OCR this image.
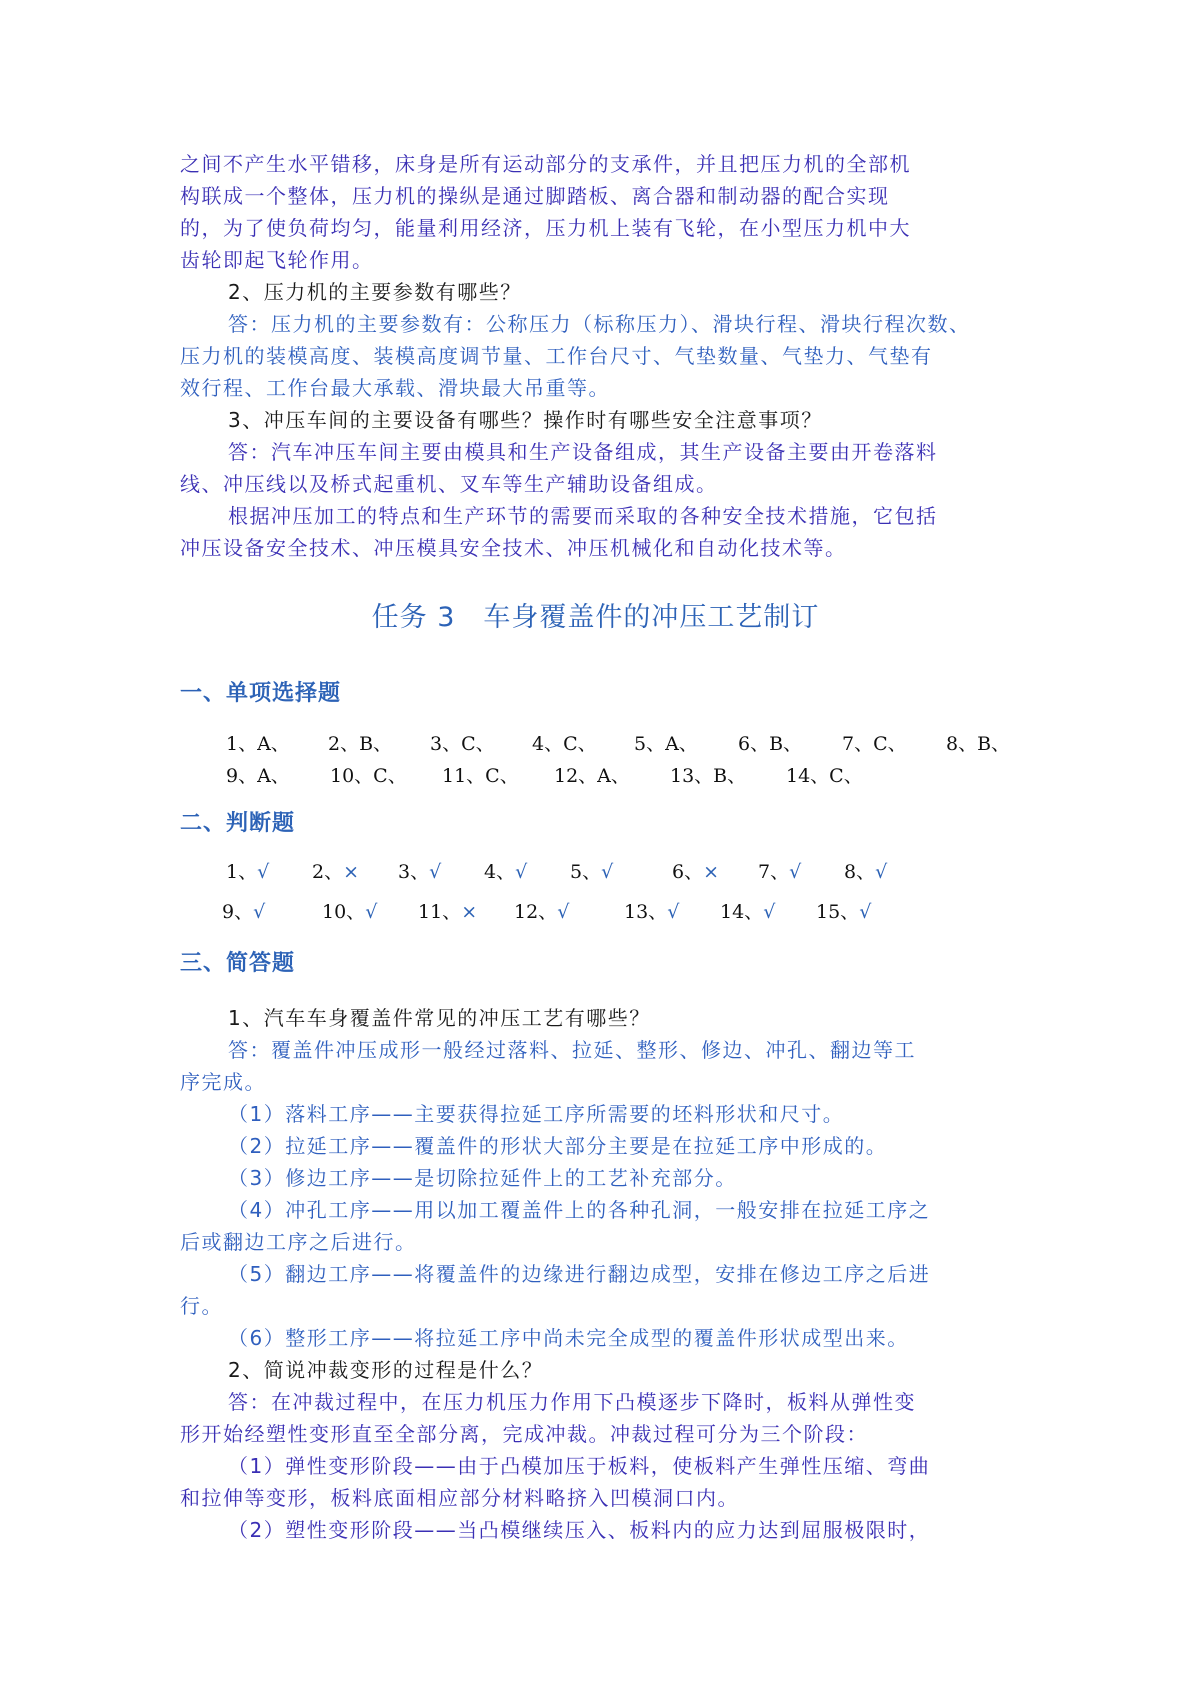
之间不产生水平错移，床身是所有运动部分的支承件，并且把压力机的全部机
构联成一个整体，压力机的操纵是通过脚踏板、离合器和制动器的配合实现
的，为了使负荷均匀，能量利用经济，压力机上装有飞轮，在小型压力机中大
齿轮即起飞轮作用。
2、压力机的主要参数有哪些？
答：压力机的主要参数有：公称压力（标称压力）、滑块行程、滑块行程次数、
压力机的装模高度、装模高度调节量、工作台尺寸、气垫数量、气垫力、气垫有
效行程、工作台最大承载、滑块最大吊重等。
3、冲压车间的主要设备有哪些？操作时有哪些安全注意事项？
答：汽车冲压车间主要由模具和生产设备组成，其生产设备主要由开卷落料
线、冲压线以及桥式起重机、叉车等生产辅助设备组成。
根据冲压加工的特点和生产环节的需要而采取的各种安全技术措施，它包括
冲压设备安全技术、冲压模具安全技术、冲压机械化和自动化技术等。
任务 3　车身覆盖件的冲压工艺制订
一、单项选择题
1、A、 2、B、 3、C、 4、C、 5、A、 6、B、 7、C、 8、B、
9、A、 10、C、 11、C、 12、A、 13、B、 14、C、
二、判断题
1、√ 2、× 3、√ 4、√ 5、√	6、× 7、√ 8、√
9、√	10、√ 11、× 12、√	13、√ 14、√ 15、√
三、简答题
1、汽车车身覆盖件常见的冲压工艺有哪些？
答：覆盖件冲压成形一般经过落料、拉延、整形、修边、冲孔、翻边等工
序完成。
（1）落料工序——主要获得拉延工序所需要的坯料形状和尺寸。
（2）拉延工序——覆盖件的形状大部分主要是在拉延工序中形成的。
（3）修边工序——是切除拉延件上的工艺补充部分。
（4）冲孔工序——用以加工覆盖件上的各种孔洞，一般安排在拉延工序之
后或翻边工序之后进行。
（5）翻边工序——将覆盖件的边缘进行翻边成型，安排在修边工序之后进
行。
（6）整形工序——将拉延工序中尚未完全成型的覆盖件形状成型出来。
2、简说冲裁变形的过程是什么？
答：在冲裁过程中，在压力机压力作用下凸模逐步下降时，板料从弹性变
形开始经塑性变形直至全部分离，完成冲裁。冲裁过程可分为三个阶段：
（1）弹性变形阶段——由于凸模加压于板料，使板料产生弹性压缩、弯曲
和拉伸等变形，板料底面相应部分材料略挤入凹模洞口内。
（2）塑性变形阶段——当凸模继续压入、板料内的应力达到屈服极限时，
